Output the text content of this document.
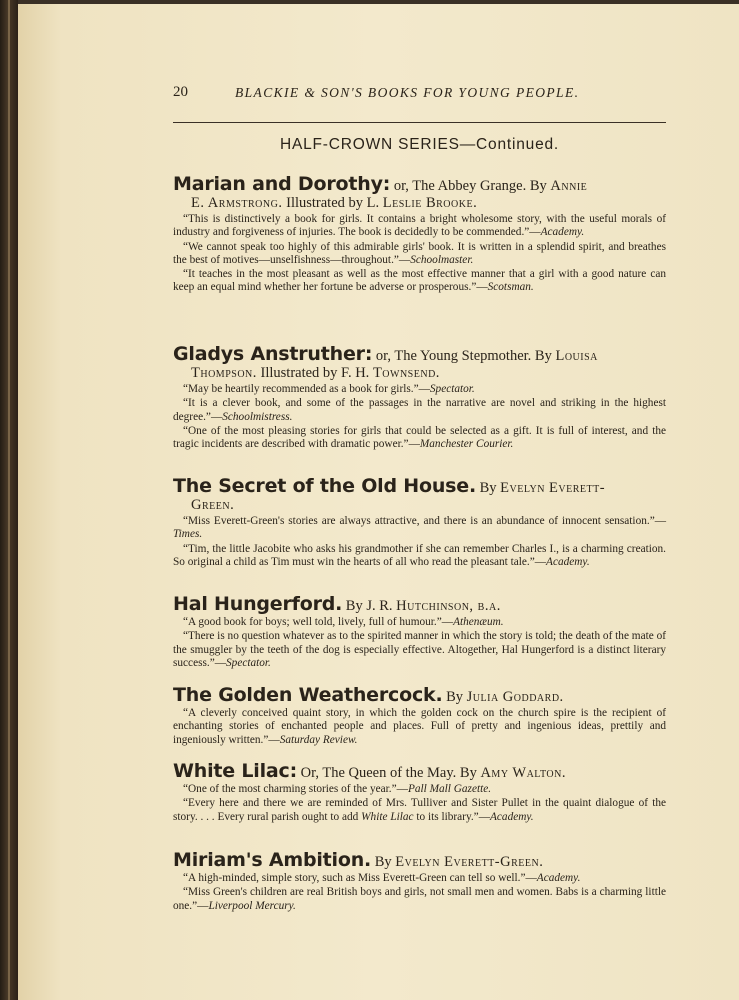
20	BLACKIE & SON'S BOOKS FOR YOUNG PEOPLE.
HALF-CROWN SERIES—Continued.

Marian and Dorothy: or, The Abbey Grange. By Annie

E. Armstrong. Illustrated by L. Leslie Brooke.

“This is distinctively a book for girls. It contains a bright wholesome story, with the useful morals of industry and forgiveness of injuries. The book is decidedly to be commended.”—Academy.

“We cannot speak too highly of this admirable girls' book. It is written in a splendid spirit, and breathes the best of motives—unselfishness—throughout.”—Schoolmaster.

“It teaches in the most pleasant as well as the most effective manner that a girl with a good nature can keep an equal mind whether her fortune be adverse or prosperous.”—Scotsman.

Gladys Anstruther: or, The Young Stepmother. By Louisa

Thompson. Illustrated by F. H. Townsend.

“May be heartily recommended as a book for girls.”—Spectator.

“It is a clever book, and some of the passages in the narrative are novel and striking in the highest degree.”—Schoolmistress.

“One of the most pleasing stories for girls that could be selected as a gift. It is full of interest, and the tragic incidents are described with dramatic power.”—Manchester Courier.

The Secret of the Old House. By Evelyn Everett-

Green.

“Miss Everett-Green's stories are always attractive, and there is an abundance of innocent sensation.”—Times.

“Tim, the little Jacobite who asks his grandmother if she can remember Charles I., is a charming creation. So original a child as Tim must win the hearts of all who read the pleasant tale.”—Academy.

Hal Hungerford. By J. R. Hutchinson, b.a.

“A good book for boys; well told, lively, full of humour.”—Athenæum.

“There is no question whatever as to the spirited manner in which the story is told; the death of the mate of the smuggler by the teeth of the dog is especially effective. Altogether, Hal Hungerford is a distinct literary success.”—Spectator.

The Golden Weathercock. By Julia Goddard.

“A cleverly conceived quaint story, in which the golden cock on the church spire is the recipient of enchanting stories of enchanted people and places. Full of pretty and ingenious ideas, prettily and ingeniously written.”—Saturday Review.

White Lilac: Or, The Queen of the May. By Amy Walton.

“One of the most charming stories of the year.”—Pall Mall Gazette.

“Every here and there we are reminded of Mrs. Tulliver and Sister Pullet in the quaint dialogue of the story. . . . Every rural parish ought to add White Lilac to its library.”—Academy.

Miriam's Ambition. By Evelyn Everett-Green.

“A high-minded, simple story, such as Miss Everett-Green can tell so well.”—Academy.

“Miss Green's children are real British boys and girls, not small men and women. Babs is a charming little one.”—Liverpool Mercury.
